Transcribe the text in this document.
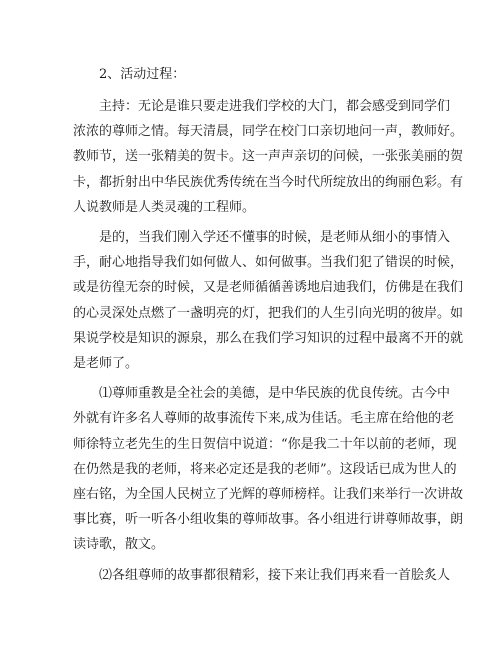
2、活动过程：
主持：无论是谁只要走进我们学校的大门，都会感受到同学们
浓浓的尊师之情。每天清晨，同学在校门口亲切地问一声，教师好。
教师节，送一张精美的贺卡。这一声声亲切的问候，一张张美丽的贺
卡，都折射出中华民族优秀传统在当今时代所绽放出的绚丽色彩。有
人说教师是人类灵魂的工程师。
是的，当我们刚入学还不懂事的时候，是老师从细小的事情入
手，耐心地指导我们如何做人、如何做事。当我们犯了错误的时候，
或是彷徨无奈的时候，又是老师循循善诱地启迪我们，仿佛是在我们
的心灵深处点燃了一盏明亮的灯，把我们的人生引向光明的彼岸。如
果说学校是知识的源泉，那么在我们学习知识的过程中最离不开的就
是老师了。
⑴尊师重教是全社会的美德，是中华民族的优良传统。古今中
外就有许多名人尊师的故事流传下来,成为佳话。毛主席在给他的老
师徐特立老先生的生日贺信中说道：“你是我二十年以前的老师，现
在仍然是我的老师，将来必定还是我的老师”。这段话已成为世人的
座右铭，为全国人民树立了光辉的尊师榜样。让我们来举行一次讲故
事比赛，听一听各小组收集的尊师故事。各小组进行讲尊师故事，朗
读诗歌，散文。
⑵各组尊师的故事都很精彩，接下来让我们再来看一首脍炙人
